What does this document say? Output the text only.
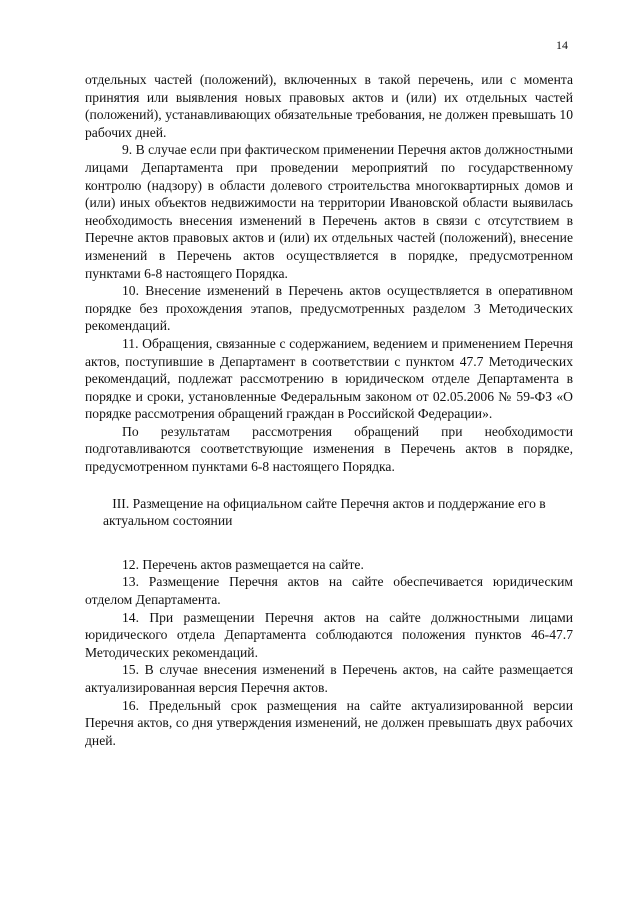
14

отдельных частей (положений), включенных в такой перечень, или с момента принятия или выявления новых правовых актов и (или) их отдельных частей (положений), устанавливающих обязательные требования, не должен превышать 10 рабочих дней.

9. В случае если при фактическом применении Перечня актов должностными лицами Департамента при проведении мероприятий по государственному контролю (надзору) в области долевого строительства многоквартирных домов и (или) иных объектов недвижимости на территории Ивановской области выявилась необходимость внесения изменений в Перечень актов в связи с отсутствием в Перечне актов правовых актов и (или) их отдельных частей (положений), внесение изменений в Перечень актов осуществляется в порядке, предусмотренном пунктами 6-8 настоящего Порядка.

10. Внесение изменений в Перечень актов осуществляется в оперативном порядке без прохождения этапов, предусмотренных разделом 3 Методических рекомендаций.

11. Обращения, связанные с содержанием, ведением и применением Перечня актов, поступившие в Департамент в соответствии с пунктом 47.7 Методических рекомендаций, подлежат рассмотрению в юридическом отделе Департамента в порядке и сроки, установленные Федеральным законом от 02.05.2006 № 59-ФЗ «О порядке рассмотрения обращений граждан в Российской Федерации».

По результатам рассмотрения обращений при необходимости подготавливаются соответствующие изменения в Перечень актов в порядке, предусмотренном пунктами 6-8 настоящего Порядка.

III. Размещение на официальном сайте Перечня актов и поддержание его в актуальном состоянии

12. Перечень актов размещается на сайте.

13. Размещение Перечня актов на сайте обеспечивается юридическим отделом Департамента.

14. При размещении Перечня актов на сайте должностными лицами юридического отдела Департамента соблюдаются положения пунктов 46-47.7 Методических рекомендаций.

15. В случае внесения изменений в Перечень актов, на сайте размещается актуализированная версия Перечня актов.

16. Предельный срок размещения на сайте актуализированной версии Перечня актов, со дня утверждения изменений, не должен превышать двух рабочих дней.
